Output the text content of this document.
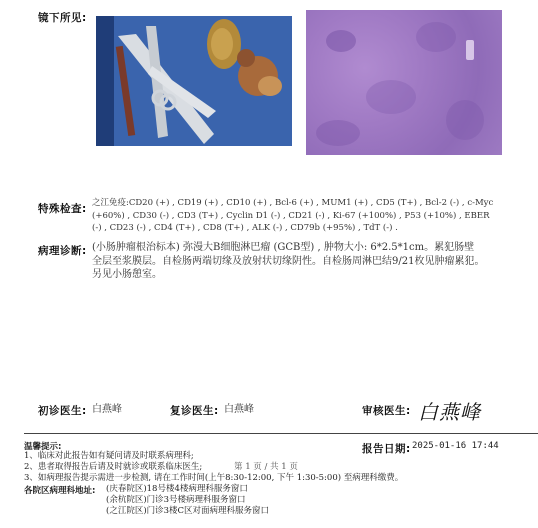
镜下所见:
特殊检查: 之江免疫:CD20 (+) , CD19 (+) , CD10 (+) , Bcl-6 (+) , MUM1 (+) , CD5 (T+) , Bcl-2 (-) , c-Myc
(+60%) , CD30 (-) , CD3 (T+) , Cyclin D1 (-) , CD21 (-) , Ki-67 (+100%) , P53 (+10%) , EBER
(-) , CD23 (-) , CD4 (T+) , CD8 (T+) , ALK (-) , CD79b (+95%) , TdT (-) .
病理诊断: (小肠肿瘤根治标本) 弥漫大B细胞淋巴瘤 (GCB型) , 肿物大小: 6*2.5*1cm。累犯肠壁
全层至浆膜层。自检肠两端切缘及放射状切缘阴性。自检肠周淋巴结9/21枚见肿瘤累犯。
另见小肠憩室。
初诊医生: 白燕峰	复诊医生: 白燕峰	审核医生: 白燕峰
温馨提示:
1、临床对此报告如有疑问请及时联系病理科;
2、患者取得报告后请及时就诊或联系临床医生;	第 1 页 / 共 1 页
3、如病理报告提示需进一步检测, 请在工作时间(上午8:30-12:00, 下午 1:30-5:00) 至病理科缴费。
各院区病理科地址: (庆春院区)18号楼4楼病理科服务窗口
(余杭院区)门诊3号楼病理科服务窗口
(之江院区)门诊3楼C区对面病理科服务窗口
报告日期: 2025-01-16 17:44
